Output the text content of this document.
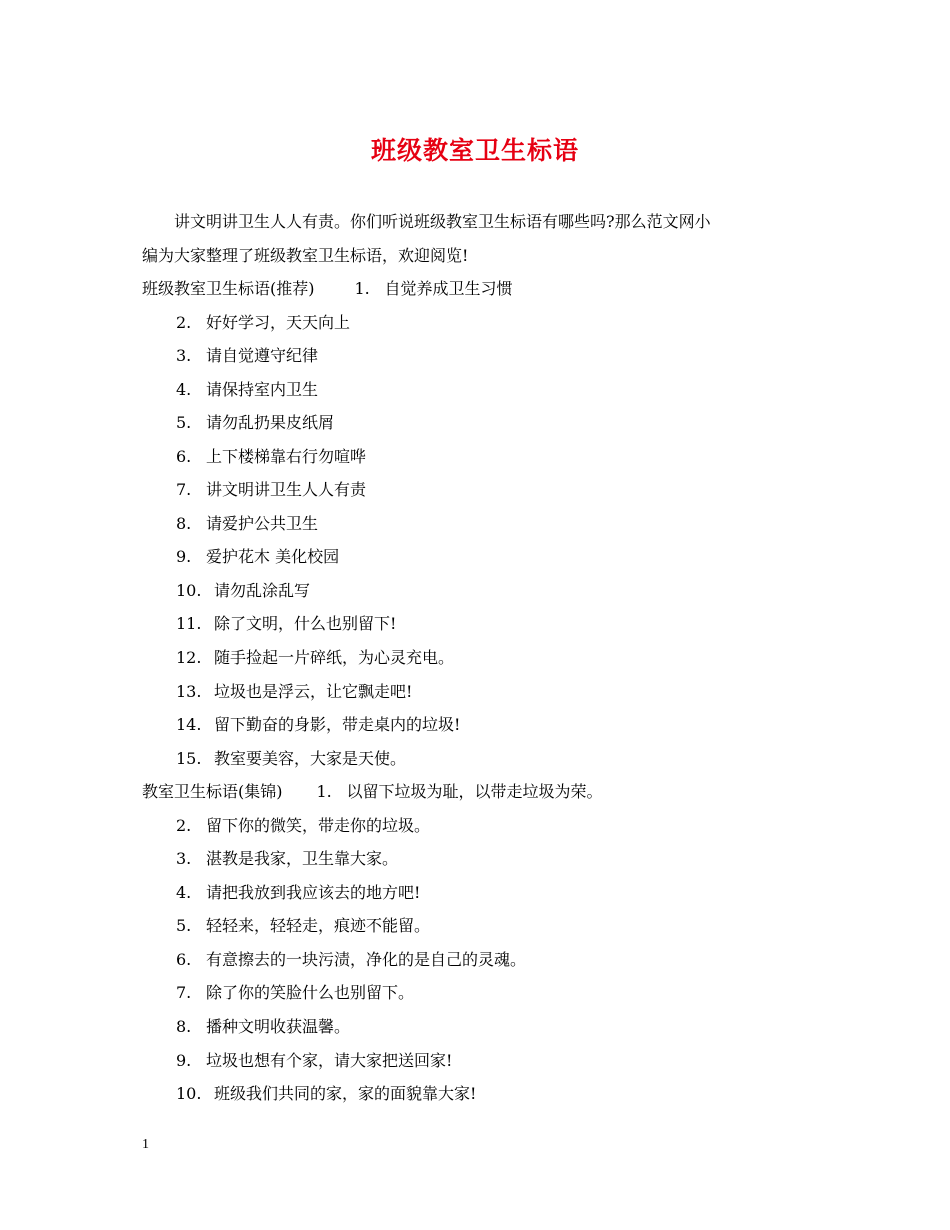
班级教室卫生标语
讲文明讲卫生人人有责。你们听说班级教室卫生标语有哪些吗?那么范文网小
编为大家整理了班级教室卫生标语，欢迎阅览!
班级教室卫生标语(推荐)	1. 自觉养成卫生习惯
2. 好好学习，天天向上
3. 请自觉遵守纪律
4. 请保持室内卫生
5. 请勿乱扔果皮纸屑
6. 上下楼梯靠右行勿喧哗
7. 讲文明讲卫生人人有责
8. 请爱护公共卫生
9. 爱护花木 美化校园
10. 请勿乱涂乱写
11. 除了文明，什么也别留下!
12. 随手捡起一片碎纸，为心灵充电。
13. 垃圾也是浮云，让它飘走吧!
14. 留下勤奋的身影，带走桌内的垃圾!
15. 教室要美容，大家是天使。
教室卫生标语(集锦) 1. 以留下垃圾为耻，以带走垃圾为荣。
2. 留下你的微笑，带走你的垃圾。
3. 湛教是我家，卫生靠大家。
4. 请把我放到我应该去的地方吧!
5. 轻轻来，轻轻走，痕迹不能留。
6. 有意擦去的一块污渍，净化的是自己的灵魂。
7. 除了你的笑脸什么也别留下。
8. 播种文明收获温馨。
9. 垃圾也想有个家，请大家把送回家!
10. 班级我们共同的家，家的面貌靠大家!
1
